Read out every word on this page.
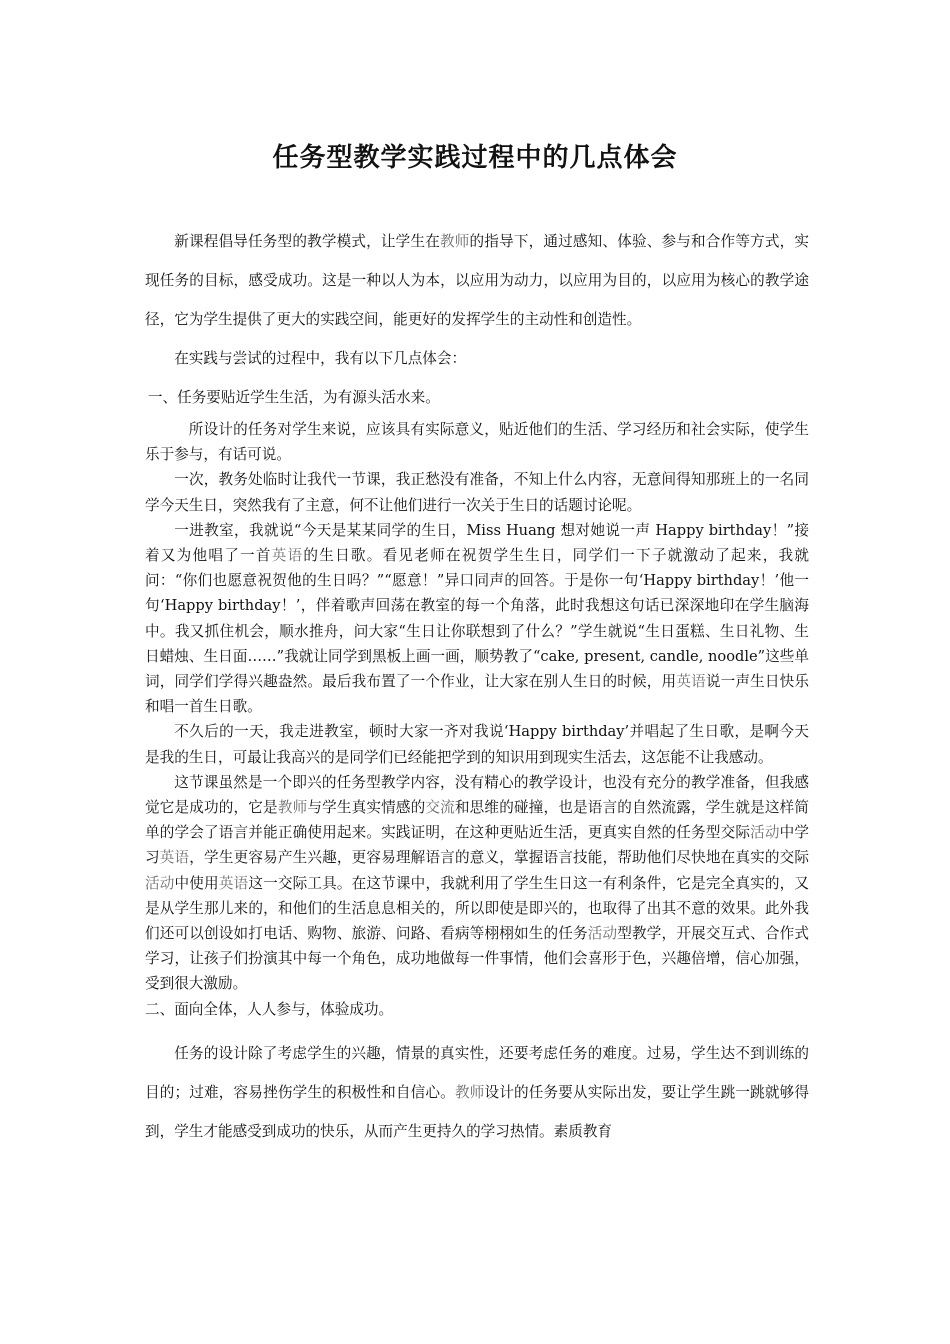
任务型教学实践过程中的几点体会

新课程倡导任务型的教学模式，让学生在教师的指导下，通过感知、体验、参与和合作等方式，实现任务的目标，感受成功。这是一种以人为本，以应用为动力，以应用为目的，以应用为核心的教学途径，它为学生提供了更大的实践空间，能更好的发挥学生的主动性和创造性。

在实践与尝试的过程中，我有以下几点体会：

一、任务要贴近学生生活，为有源头活水来。

所设计的任务对学生来说，应该具有实际意义，贴近他们的生活、学习经历和社会实际，使学生乐于参与，有话可说。

一次，教务处临时让我代一节课，我正愁没有准备，不知上什么内容，无意间得知那班上的一名同学今天生日，突然我有了主意，何不让他们进行一次关于生日的话题讨论呢。

一进教室，我就说“今天是某某同学的生日，Miss Huang 想对她说一声 Happy birthday！”接着又为他唱了一首英语的生日歌。看见老师在祝贺学生生日，同学们一下子就激动了起来，我就问：“你们也愿意祝贺他的生日吗？”“愿意！”异口同声的回答。于是你一句‘Happy birthday！’他一句‘Happy birthday！’，伴着歌声回荡在教室的每一个角落，此时我想这句话已深深地印在学生脑海中。我又抓住机会，顺水推舟，问大家“生日让你联想到了什么？”学生就说“生日蛋糕、生日礼物、生日蜡烛、生日面……”我就让同学到黑板上画一画，顺势教了“cake, present, candle, noodle”这些单词，同学们学得兴趣盎然。最后我布置了一个作业，让大家在别人生日的时候，用英语说一声生日快乐和唱一首生日歌。

不久后的一天，我走进教室，顿时大家一齐对我说‘Happy birthday’并唱起了生日歌，是啊今天是我的生日，可最让我高兴的是同学们已经能把学到的知识用到现实生活去，这怎能不让我感动。

这节课虽然是一个即兴的任务型教学内容，没有精心的教学设计，也没有充分的教学准备，但我感觉它是成功的，它是教师与学生真实情感的交流和思维的碰撞，也是语言的自然流露，学生就是这样简单的学会了语言并能正确使用起来。实践证明，在这种更贴近生活，更真实自然的任务型交际活动中学习英语，学生更容易产生兴趣，更容易理解语言的意义，掌握语言技能，帮助他们尽快地在真实的交际活动中使用英语这一交际工具。在这节课中，我就利用了学生生日这一有利条件，它是完全真实的，又是从学生那儿来的，和他们的生活息息相关的，所以即使是即兴的，也取得了出其不意的效果。此外我们还可以创设如打电话、购物、旅游、问路、看病等栩栩如生的任务活动型教学，开展交互式、合作式学习，让孩子们扮演其中每一个角色，成功地做每一件事情，他们会喜形于色，兴趣倍增，信心加强，受到很大激励。

二、面向全体，人人参与，体验成功。

任务的设计除了考虑学生的兴趣，情景的真实性，还要考虑任务的难度。过易，学生达不到训练的目的；过难，容易挫伤学生的积极性和自信心。教师设计的任务要从实际出发，要让学生跳一跳就够得到，学生才能感受到成功的快乐，从而产生更持久的学习热情。素质教育
